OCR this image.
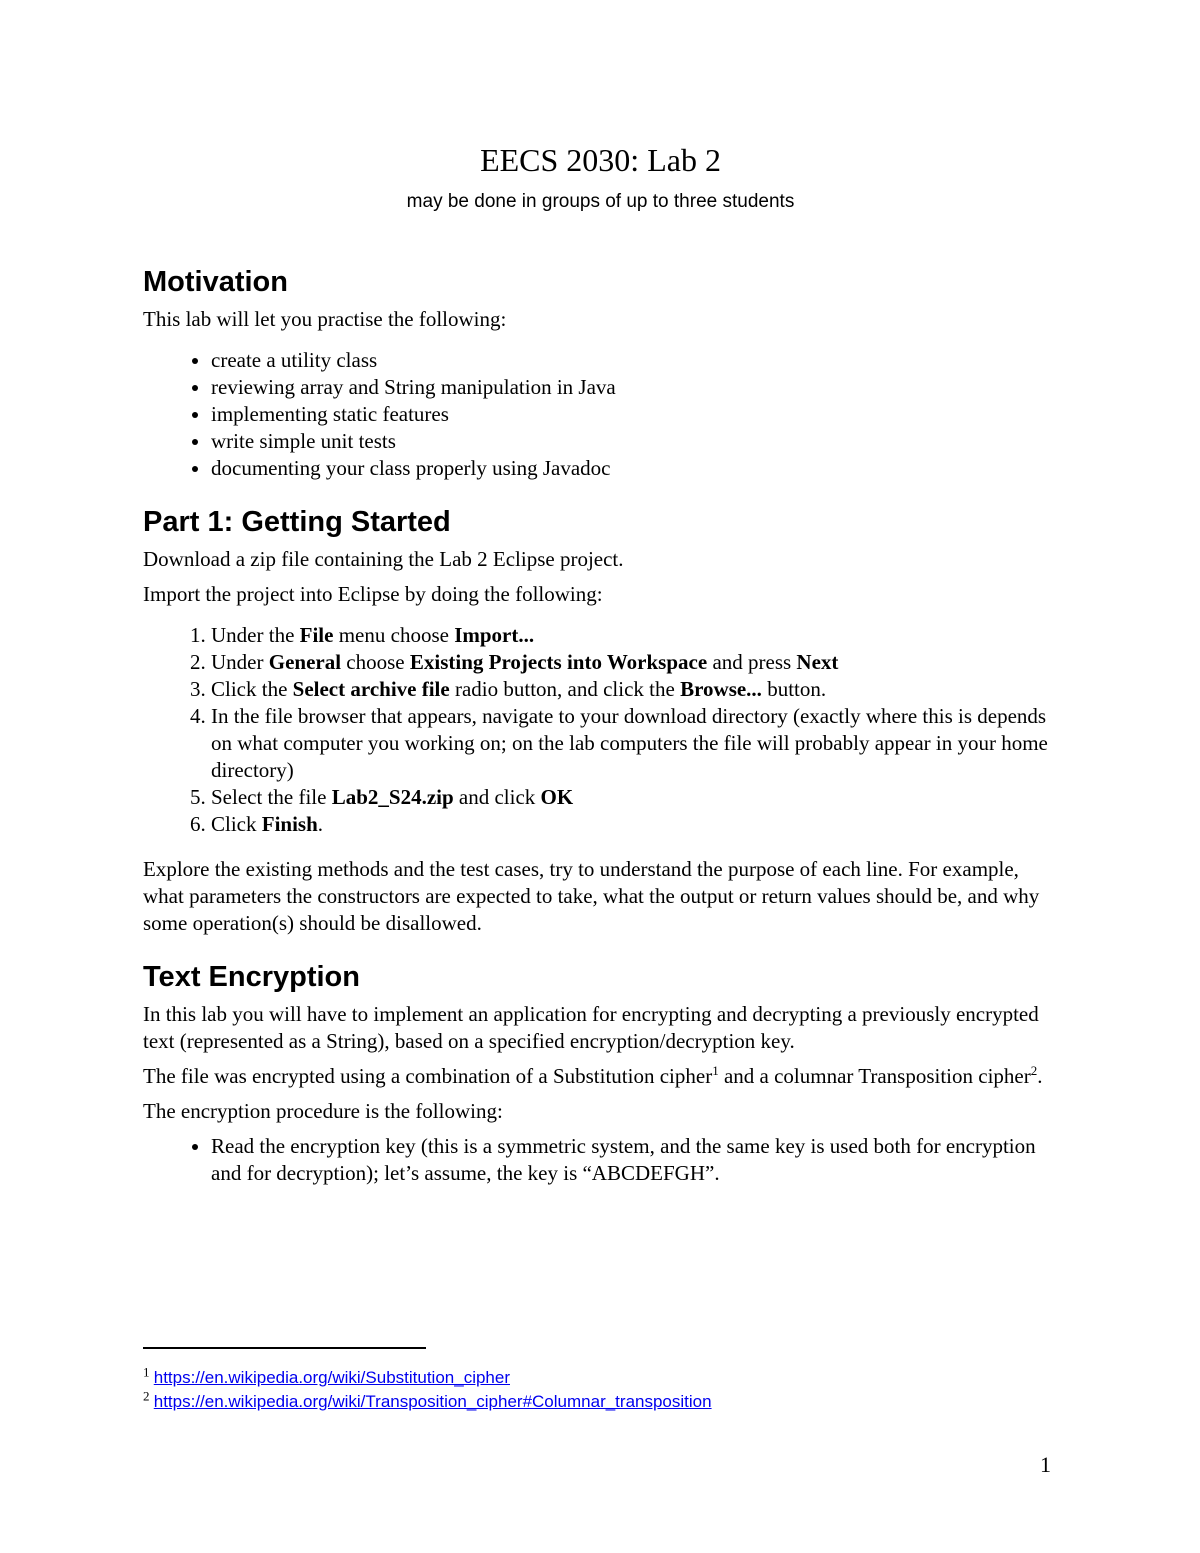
EECS 2030: Lab 2
may be done in groups of up to three students
Motivation

This lab will let you practise the following:

• create a utility class
• reviewing array and String manipulation in Java
• implementing static features
• write simple unit tests
• documenting your class properly using Javadoc
Part 1: Getting Started

Download a zip file containing the Lab 2 Eclipse project.

Import the project into Eclipse by doing the following:

1. Under the File menu choose Import...
2. Under General choose Existing Projects into Workspace and press Next
3. Click the Select archive file radio button, and click the Browse... button.
4. In the file browser that appears, navigate to your download directory (exactly where this is depends on what computer you working on; on the lab computers the file will probably appear in your home directory)
5. Select the file Lab2_S24.zip and click OK
6. Click Finish.

Explore the existing methods and the test cases, try to understand the purpose of each line. For example, what parameters the constructors are expected to take, what the output or return values should be, and why some operation(s) should be disallowed.

Text Encryption

In this lab you will have to implement an application for encrypting and decrypting a previously encrypted text (represented as a String), based on a specified encryption/decryption key.

The file was encrypted using a combination of a Substitution cipher$^1$ and a columnar Transposition cipher$^2$.

The encryption procedure is the following:

• Read the encryption key (this is a symmetric system, and the same key is used both for encryption and for decryption); let’s assume, the key is “ABCDEFGH”.
$^1$ https://en.wikipedia.org/wiki/Substitution_cipher
$^2$ https://en.wikipedia.org/wiki/Transposition_cipher#Columnar_transposition
1
